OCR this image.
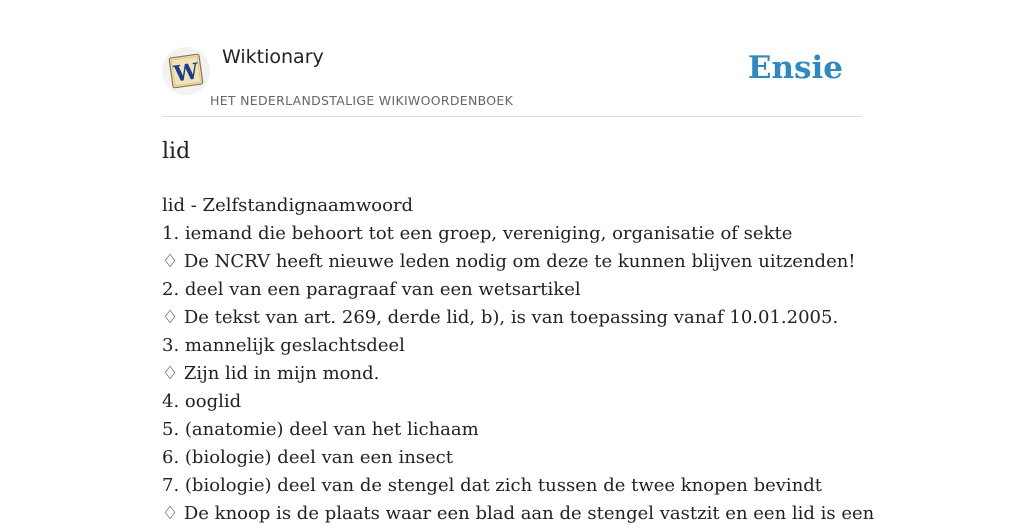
W
Wiktionary
HET NEDERLANDSTALIGE WIKIWOORDENBOEK
Ensie
lid
lid - Zelfstandignaamwoord
1. iemand die behoort tot een groep, vereniging, organisatie of sekte
♢ De NCRV heeft nieuwe leden nodig om deze te kunnen blijven uitzenden!
2. deel van een paragraaf van een wetsartikel
♢ De tekst van art. 269, derde lid, b), is van toepassing vanaf 10.01.2005.
3. mannelijk geslachtsdeel
♢ Zijn lid in mijn mond.
4. ooglid
5. (anatomie) deel van het lichaam
6. (biologie) deel van een insect
7. (biologie) deel van de stengel dat zich tussen de twee knopen bevindt
♢ De knoop is de plaats waar een blad aan de stengel vastzit en een lid is een
